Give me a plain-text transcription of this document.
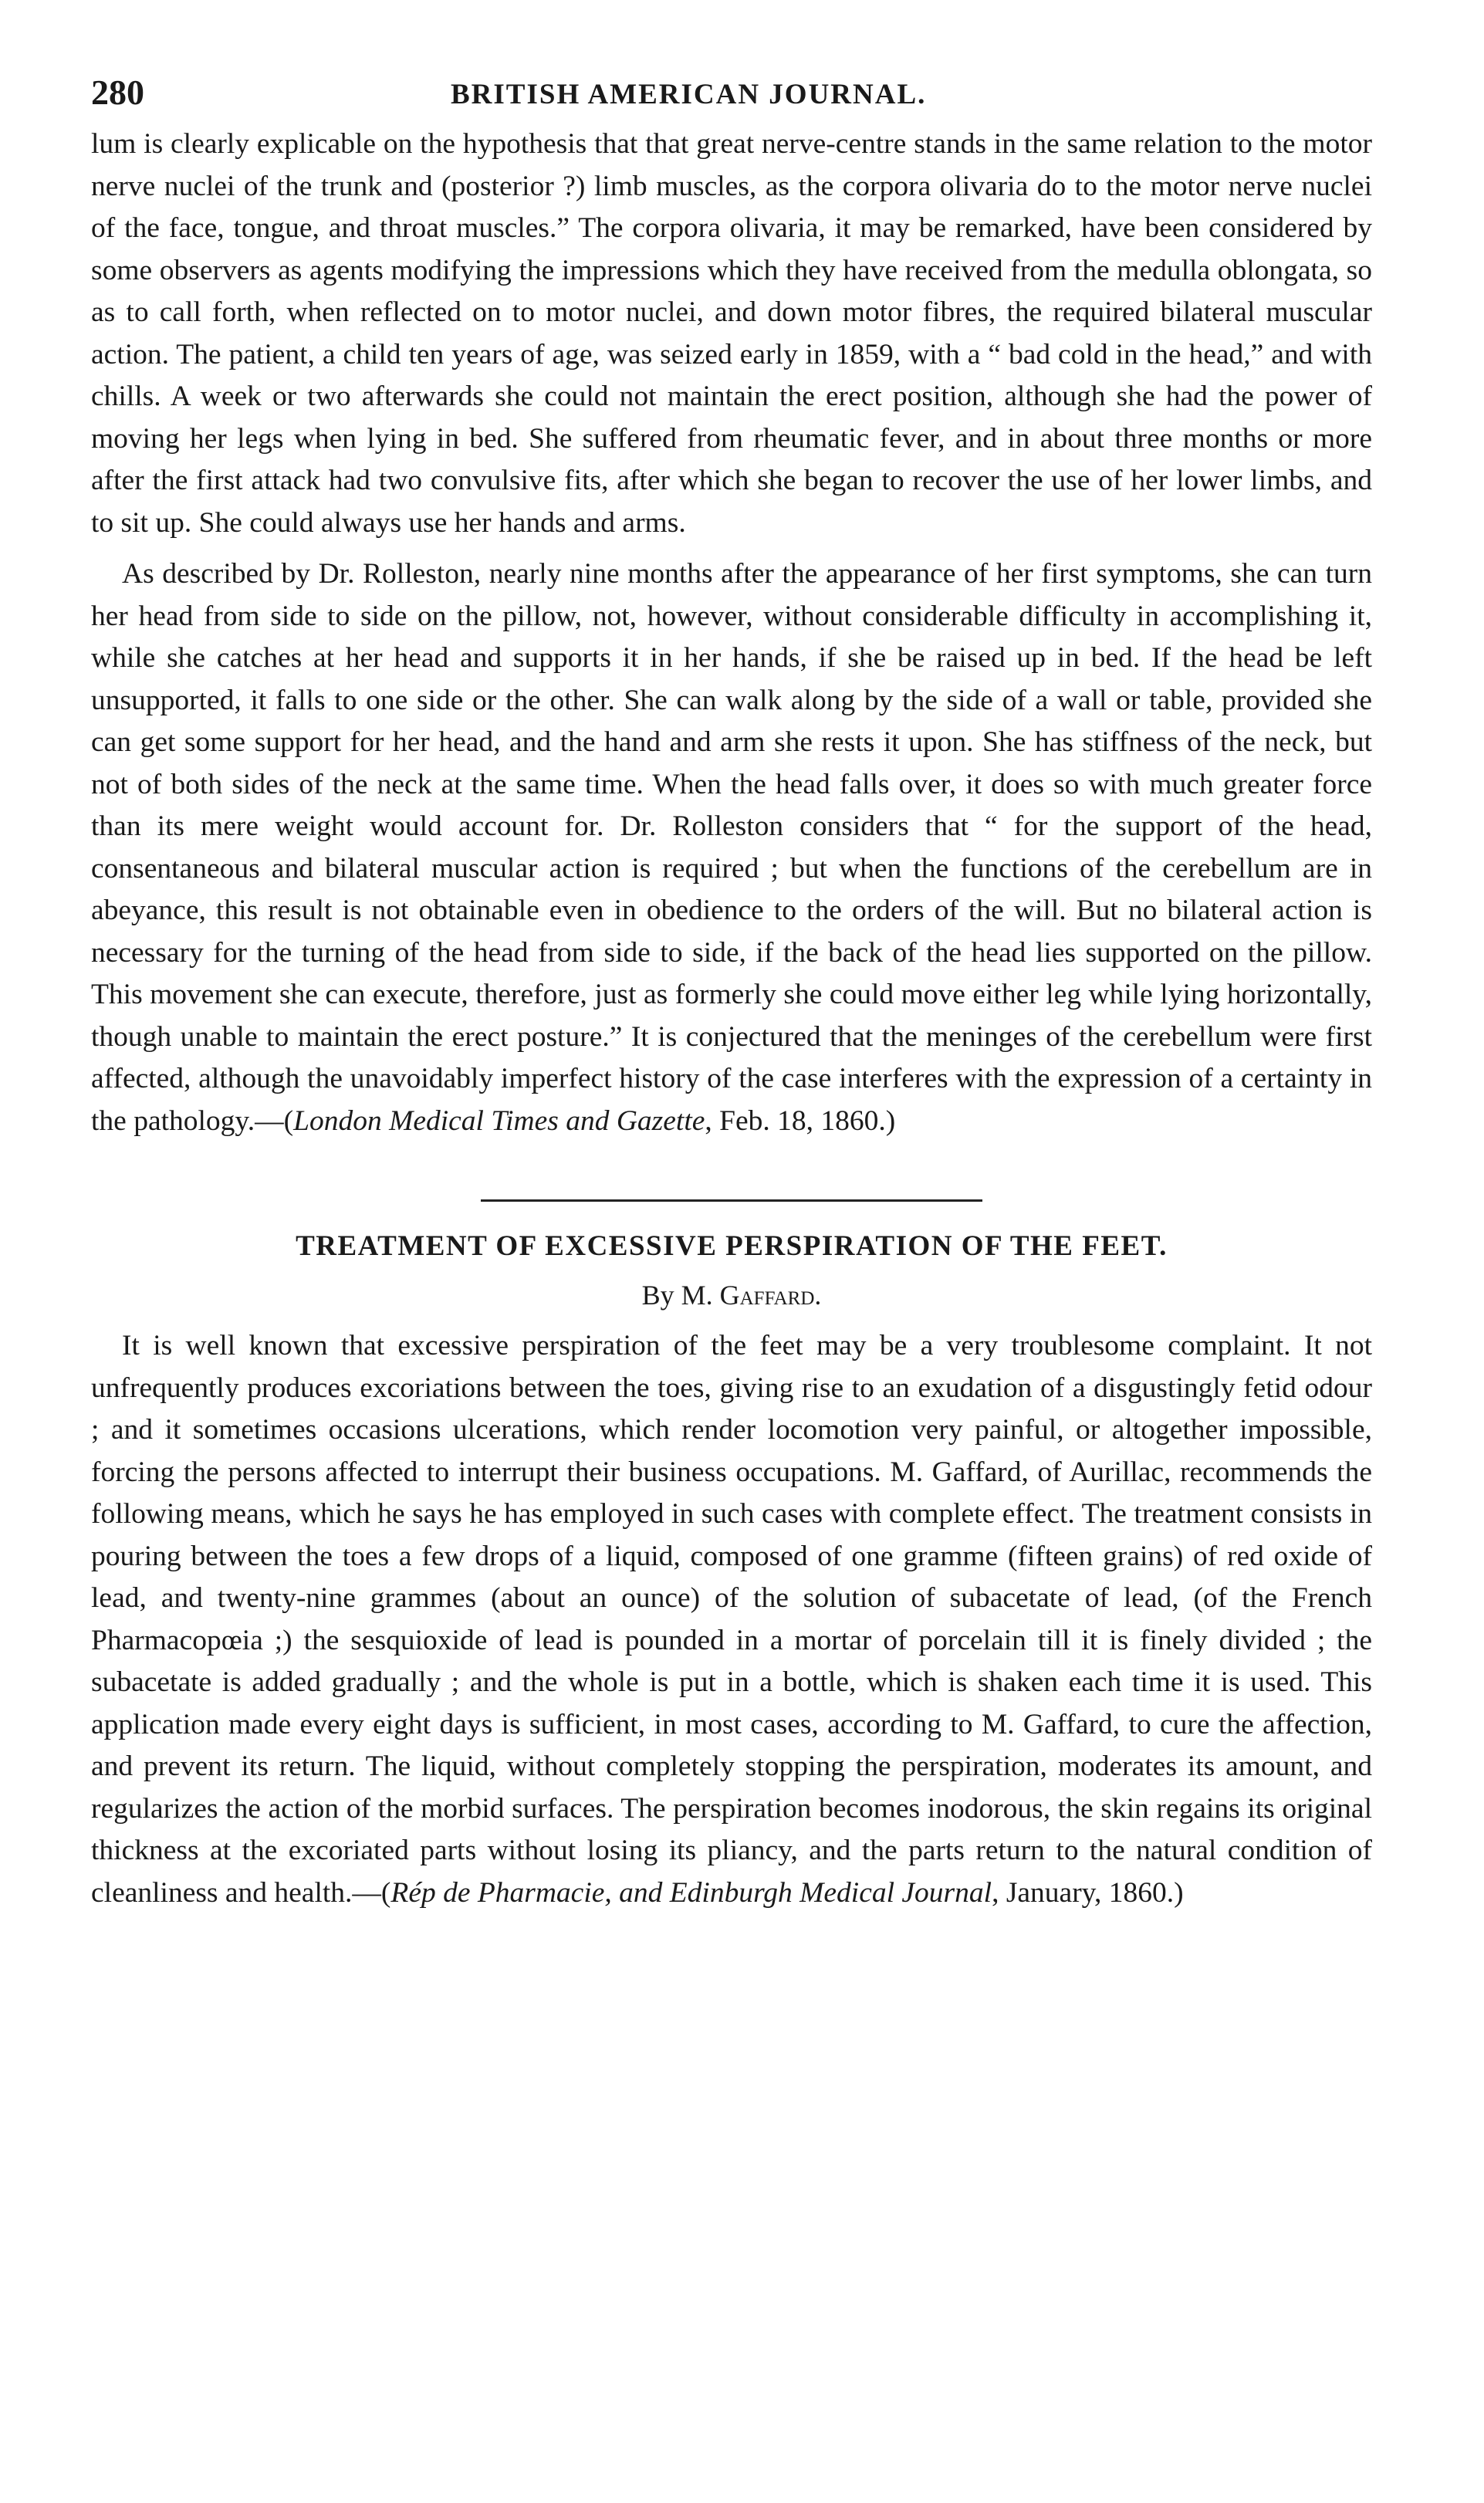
280	BRITISH AMERICAN JOURNAL.

lum is clearly explicable on the hypothesis that that great nerve-centre stands in the same relation to the motor nerve nuclei of the trunk and (posterior ?) limb muscles, as the corpora olivaria do to the motor nerve nuclei of the face, tongue, and throat muscles.” The corpora olivaria, it may be remarked, have been considered by some observers as agents modifying the impressions which they have received from the medulla oblongata, so as to call forth, when reflected on to motor nuclei, and down motor fibres, the required bilateral muscular action. The patient, a child ten years of age, was seized early in 1859, with a “ bad cold in the head,” and with chills. A week or two afterwards she could not maintain the erect position, although she had the power of moving her legs when lying in bed. She suffered from rheumatic fever, and in about three months or more after the first attack had two convulsive fits, after which she began to recover the use of her lower limbs, and to sit up. She could always use her hands and arms.

As described by Dr. Rolleston, nearly nine months after the appearance of her first symptoms, she can turn her head from side to side on the pillow, not, however, without considerable difficulty in accomplishing it, while she catches at her head and supports it in her hands, if she be raised up in bed. If the head be left unsupported, it falls to one side or the other. She can walk along by the side of a wall or table, provided she can get some support for her head, and the hand and arm she rests it upon. She has stiffness of the neck, but not of both sides of the neck at the same time. When the head falls over, it does so with much greater force than its mere weight would account for. Dr. Rolleston considers that “ for the support of the head, consentaneous and bilateral muscular action is required ; but when the functions of the cerebellum are in abeyance, this result is not obtainable even in obedience to the orders of the will. But no bilateral action is necessary for the turning of the head from side to side, if the back of the head lies supported on the pillow. This movement she can execute, therefore, just as formerly she could move either leg while lying horizontally, though unable to maintain the erect posture.” It is conjectured that the meninges of the cerebellum were first affected, although the unavoidably imperfect history of the case interferes with the expression of a certainty in the pathology.—(London Medical Times and Gazette, Feb. 18, 1860.)

TREATMENT OF EXCESSIVE PERSPIRATION OF THE FEET.
By M. Gaffard.

It is well known that excessive perspiration of the feet may be a very troublesome complaint. It not unfrequently produces excoriations between the toes, giving rise to an exudation of a disgustingly fetid odour ; and it sometimes occasions ulcerations, which render locomotion very painful, or altogether impossible, forcing the persons affected to interrupt their business occupations. M. Gaffard, of Aurillac, recommends the following means, which he says he has employed in such cases with complete effect. The treatment consists in pouring between the toes a few drops of a liquid, composed of one gramme (fifteen grains) of red oxide of lead, and twenty-nine grammes (about an ounce) of the solution of subacetate of lead, (of the French Pharmacopœia ;) the sesquioxide of lead is pounded in a mortar of porcelain till it is finely divided ; the subacetate is added gradually ; and the whole is put in a bottle, which is shaken each time it is used. This application made every eight days is sufficient, in most cases, according to M. Gaffard, to cure the affection, and prevent its return. The liquid, without completely stopping the perspiration, moderates its amount, and regularizes the action of the morbid surfaces. The perspiration becomes inodorous, the skin regains its original thickness at the excoriated parts without losing its pliancy, and the parts return to the natural condition of cleanliness and health.—(Rép de Pharmacie, and Edinburgh Medical Journal, January, 1860.)
